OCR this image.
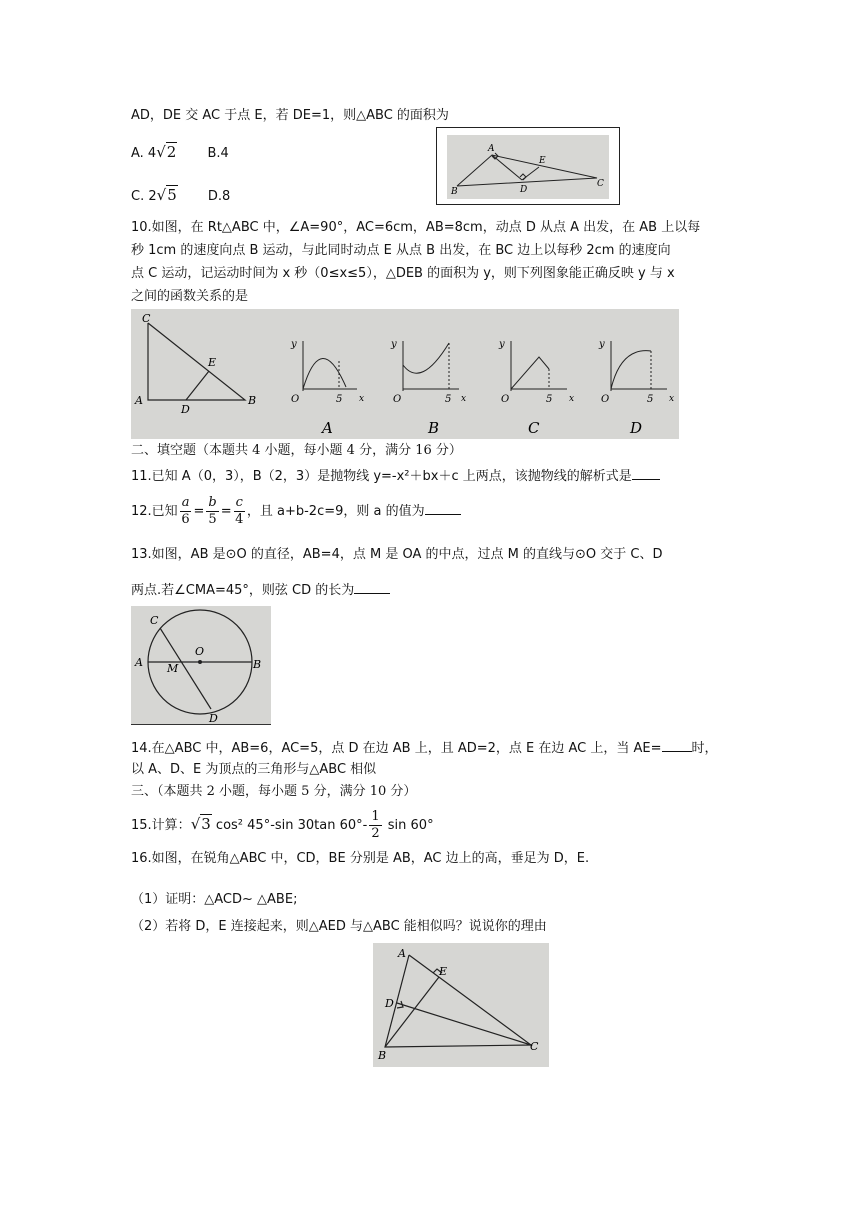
AD，DE 交 AC 于点 E，若 DE=1，则△ABC 的面积为
A. 4√2 B.4
C. 2√5 D.8
A
B
C
D
E
10.如图，在 Rt△ABC 中，∠A=90°，AC=6cm，AB=8cm，动点 D 从点 A 出发，在 AB 上以每
秒 1cm 的速度向点 B 运动，与此同时动点 E 从点 B 出发，在 BC 边上以每秒 2cm 的速度向
点 C 运动，记运动时间为 x 秒（0≤x≤5），△DEB 的面积为 y，则下列图象能正确反映 y 与 x
之间的函数关系的是
C
A	B
D
E
y
x
O	5
A
y
x
O	5
B
y
x
O	5
C
y
x
O	5
D
二、填空题（本题共 4 小题，每小题 4 分，满分 16 分）
11.已知 A（0，3），B（2，3）是抛物线 y=-x²＋bx＋c 上两点，该抛物线的解析式是
12.已知 $\frac{a}{6} = \frac{b}{5} = \frac{c}{4}$ ，且 a+b-2c=9，则 a 的值为
13.如图，AB 是⊙O 的直径，AB=4，点 M 是 OA 的中点，过点 M 的直线与⊙O 交于 C、D
两点.若∠CMA=45°，则弦 CD 的长为
C
A	B
M
O
D
14.在△ABC 中，AB=6，AC=5，点 D 在边 AB 上，且 AD=2，点 E 在边 AC 上，当 AE= 时，
以 A、D、E 为顶点的三角形与△ABC 相似
三、（本题共 2 小题，每小题 5 分，满分 10 分）
15.计算：√3 cos² 45°-sin 30tan $60^\circ- \frac{1}{2}$ sin 60°
16.如图，在锐角△ABC 中，CD，BE 分别是 AB，AC 边上的高，垂足为 D，E.
（1）证明：△ACD~ △ABE;
（2）若将 D，E 连接起来，则△AED 与△ABC 能相似吗？说说你的理由
A
E
D
B
C
